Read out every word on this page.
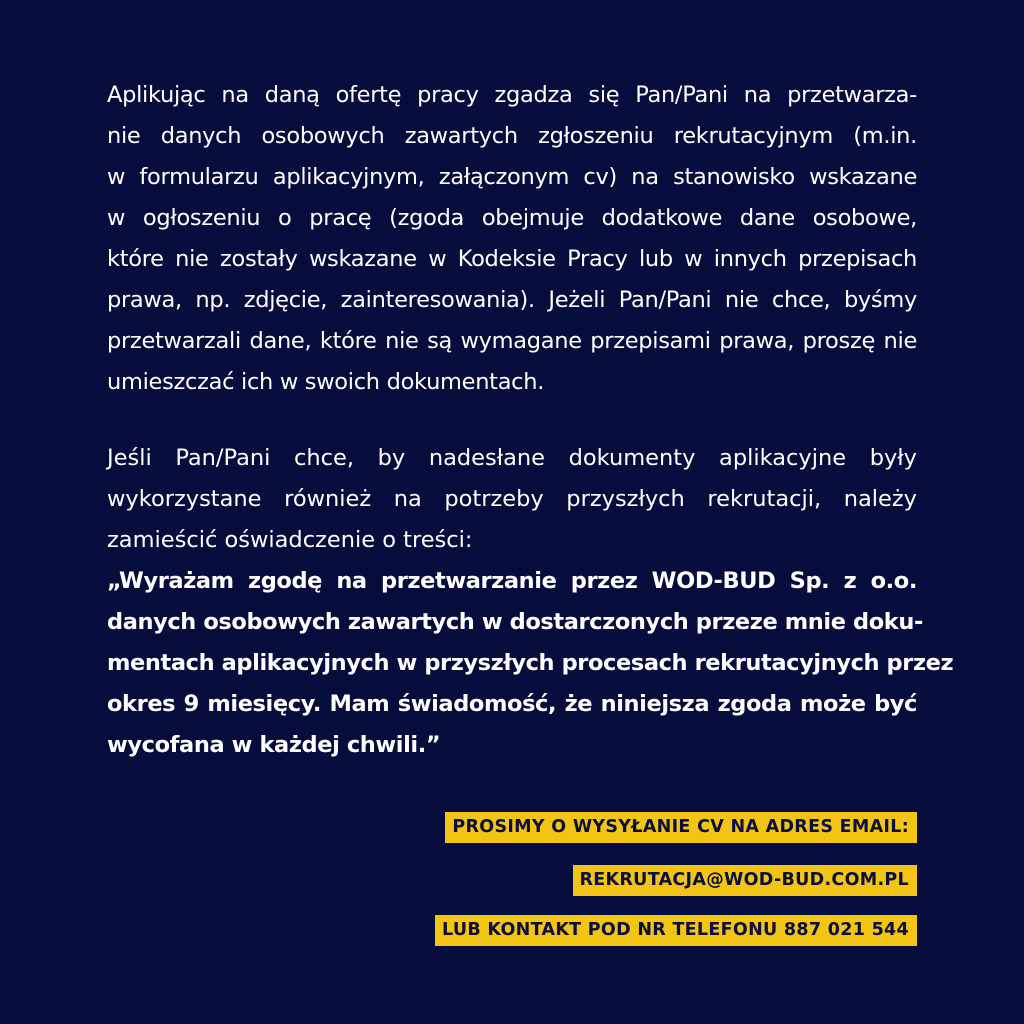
Aplikując na daną ofertę pracy zgadza się Pan/Pani na przetwarza-
nie danych osobowych zawartych zgłoszeniu rekrutacyjnym (m.in.
w formularzu aplikacyjnym, załączonym cv) na stanowisko wskazane
w ogłoszeniu o pracę (zgoda obejmuje dodatkowe dane osobowe,
które nie zostały wskazane w Kodeksie Pracy lub w innych przepisach
prawa, np. zdjęcie, zainteresowania). Jeżeli Pan/Pani nie chce, byśmy
przetwarzali dane, które nie są wymagane przepisami prawa, proszę nie
umieszczać ich w swoich dokumentach.
Jeśli Pan/Pani chce, by nadesłane dokumenty aplikacyjne były
wykorzystane również na potrzeby przyszłych rekrutacji, należy
zamieścić oświadczenie o treści:
„Wyrażam zgodę na przetwarzanie przez WOD-BUD Sp. z o.o.
danych osobowych zawartych w dostarczonych przeze mnie doku-
mentach aplikacyjnych w przyszłych procesach rekrutacyjnych przez
okres 9 miesięcy. Mam świadomość, że niniejsza zgoda może być
wycofana w każdej chwili.”
PROSIMY O WYSYŁANIE CV NA ADRES EMAIL:
REKRUTACJA@WOD-BUD.COM.PL
LUB KONTAKT POD NR TELEFONU 887 021 544
